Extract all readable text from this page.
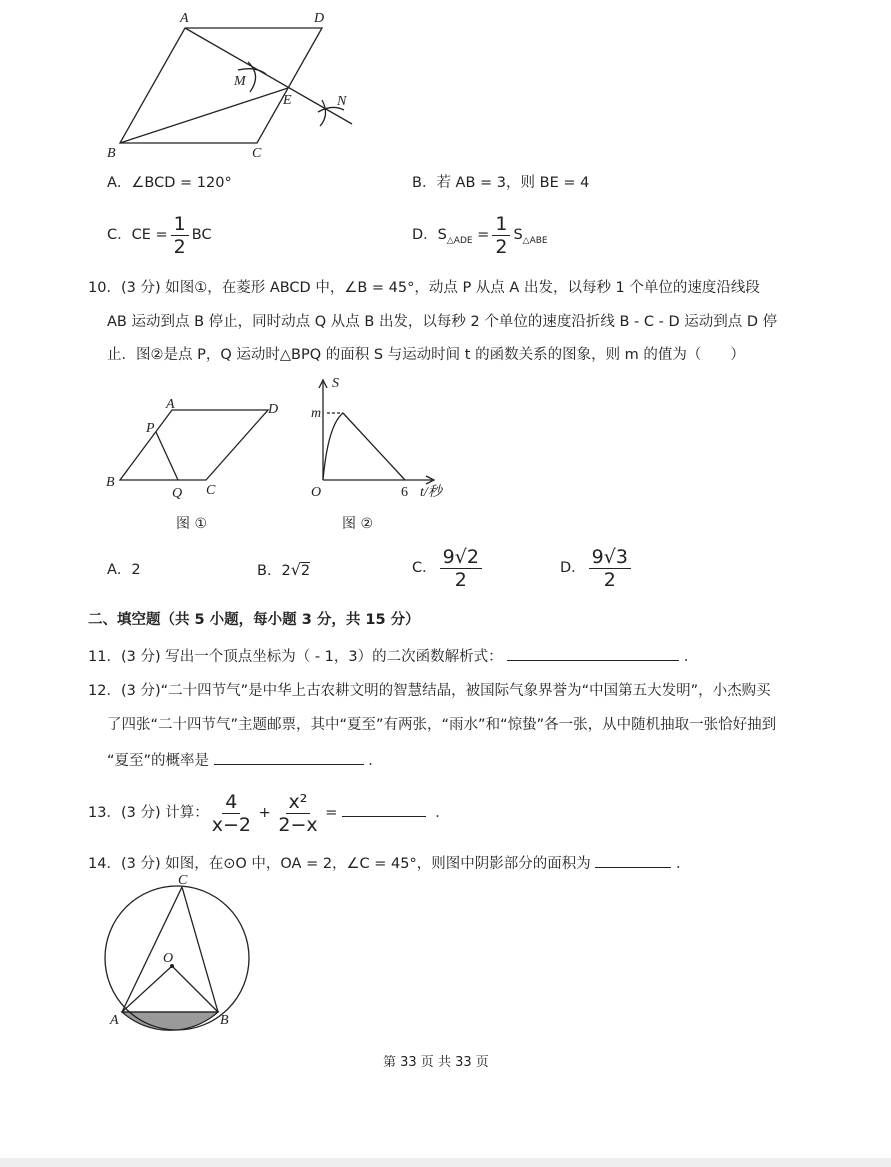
A	D
B	C
E
M
N
A	D
P
B
Q C
S
m
O	6 t/秒
图 ①	图 ②
C
O
A	B
A．∠BCD = 120°	B．若 AB = 3，则 BE = 4
C．CE = $\frac{1}{2}$ BC	D．$S_{\triangle ADE} = \frac{1}{2} S_{\triangle ABE}$
10．(3 分) 如图①，在菱形 ABCD 中，∠B = 45°，动点 P 从点 A 出发，以每秒 1 个单位的速度沿线段
AB 运动到点 B 停止，同时动点 Q 从点 B 出发，以每秒 2 个单位的速度沿折线 B - C - D 运动到点 D 停
止．图②是点 P，Q 运动时△BPQ 的面积 S 与运动时间 t 的函数关系的图象，则 m 的值为（　　）
A．2	B．2√2	C． $\frac{9√2}{2}$	D． $\frac{9√3}{2}$
二、填空题（共 5 小题，每小题 3 分，共 15 分）
11．(3 分) 写出一个顶点坐标为（ - 1，3）的二次函数解析式：	．
12．(3 分)“二十四节气”是中华上古农耕文明的智慧结晶，被国际气象界誉为“中国第五大发明”，小杰购买
了四张“二十四节气”主题邮票，其中“夏至”有两张，“雨水”和“惊蛰”各一张，从中随机抽取一张恰好抽到
“夏至”的概率是	．
13．(3 分) 计算： $\frac{4}{x-2} + \frac{\text{x²}}{2-x}$ =	．
14．(3 分) 如图，在⊙O 中，OA = 2，∠C = 45°，则图中阴影部分的面积为	．
第 33 页 共 33 页
